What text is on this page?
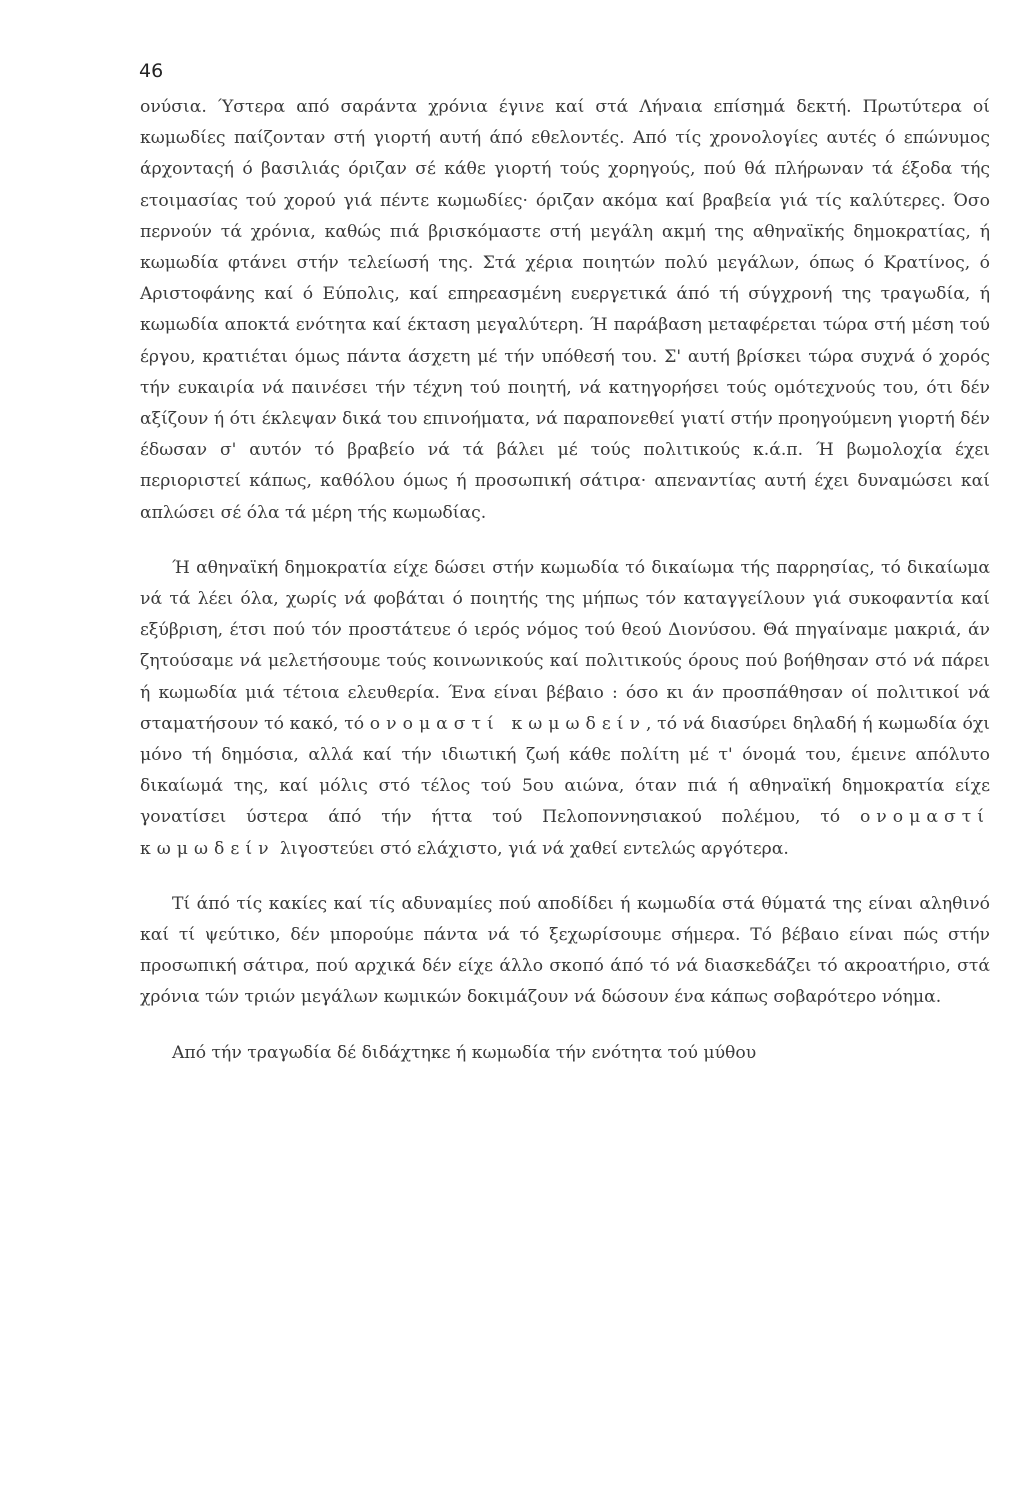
46

ονύσια. Ύστερα από σαράντα χρόνια έγινε καί στά Λήναια επίσημά δεκτή. Πρωτύτερα οί κωμωδίες παίζονταν στή γιορτή αυτή άπό εθελοντές. Από τίς χρονολογίες αυτές ό επώνυμος άρχονταςή ό βασιλιάς όριζαν σέ κάθε γιορτή τούς χορηγούς, πού θά πλήρωναν τά έξοδα τής ετοιμασίας τού χορού γιά πέντε κωμωδίες· όριζαν ακόμα καί βραβεία γιά τίς καλύτερες. Όσο περνούν τά χρόνια, καθώς πιά βρισκόμαστε στή μεγάλη ακμή της αθηναϊκής δημοκρατίας, ή κωμωδία φτάνει στήν τελείωσή της. Στά χέρια ποιητών πολύ μεγάλων, όπως ό Κρατίνος, ό Αριστοφάνης καί ό Εύπολις, καί επηρεασμένη ευεργετικά άπό τή σύγχρονή της τραγωδία, ή κωμωδία αποκτά ενότητα καί έκταση μεγαλύτερη. Ή παράβαση μεταφέρεται τώρα στή μέση τού έργου, κρατιέται όμως πάντα άσχετη μέ τήν υπόθεσή του. Σ' αυτή βρίσκει τώρα συχνά ό χορός τήν ευκαιρία νά παινέσει τήν τέχνη τού ποιητή, νά κατηγορήσει τούς ομότεχνούς του, ότι δέν αξίζουν ή ότι έκλεψαν δικά του επινοήματα, νά παραπονεθεί γιατί στήν προηγούμενη γιορτή δέν έδωσαν σ' αυτόν τό βραβείο νά τά βάλει μέ τούς πολιτικούς κ.ά.π. Ή βωμολοχία έχει περιοριστεί κάπως, καθόλου όμως ή προσωπική σάτιρα· απεναντίας αυτή έχει δυναμώσει καί απλώσει σέ όλα τά μέρη τής κωμωδίας.

Ή αθηναϊκή δημοκρατία είχε δώσει στήν κωμωδία τό δικαίωμα τής παρρησίας, τό δικαίωμα νά τά λέει όλα, χωρίς νά φοβάται ό ποιητής της μήπως τόν καταγγείλουν γιά συκοφαντία καί εξύβριση, έτσι πού τόν προστάτευε ό ιερός νόμος τού θεού Διονύσου. Θά πηγαίναμε μακριά, άν ζητούσαμε νά μελετήσουμε τούς κοινωνικούς καί πολιτικούς όρους πού βοήθησαν στό νά πάρει ή κωμωδία μιά τέτοια ελευθερία. Ένα είναι βέβαιο : όσο κι άν προσπάθησαν οί πολιτικοί νά σταματήσουν τό κακό, τό ονομαστί κωμωδείν, τό νά διασύρει δηλαδή ή κωμωδία όχι μόνο τή δημόσια, αλλά καί τήν ιδιωτική ζωή κάθε πολίτη μέ τ' όνομά του, έμεινε απόλυτο δικαίωμά της, καί μόλις στό τέλος τού 5ου αιώνα, όταν πιά ή αθηναϊκή δημοκρατία είχε γονατίσει ύστερα άπό τήν ήττα τού Πελοποννησιακού πολέμου, τό ονομαστί κωμωδείν λιγοστεύει στό ελάχιστο, γιά νά χαθεί εντελώς αργότερα.

Τί άπό τίς κακίες καί τίς αδυναμίες πού αποδίδει ή κωμωδία στά θύματά της είναι αληθινό καί τί ψεύτικο, δέν μπορούμε πάντα νά τό ξεχωρίσουμε σήμερα. Τό βέβαιο είναι πώς στήν προσωπική σάτιρα, πού αρχικά δέν είχε άλλο σκοπό άπό τό νά διασκεδάζει τό ακροατήριο, στά χρόνια τών τριών μεγάλων κωμικών δοκιμάζουν νά δώσουν ένα κάπως σοβαρότερο νόημα.

Από τήν τραγωδία δέ διδάχτηκε ή κωμωδία τήν ενότητα τού μύθου
